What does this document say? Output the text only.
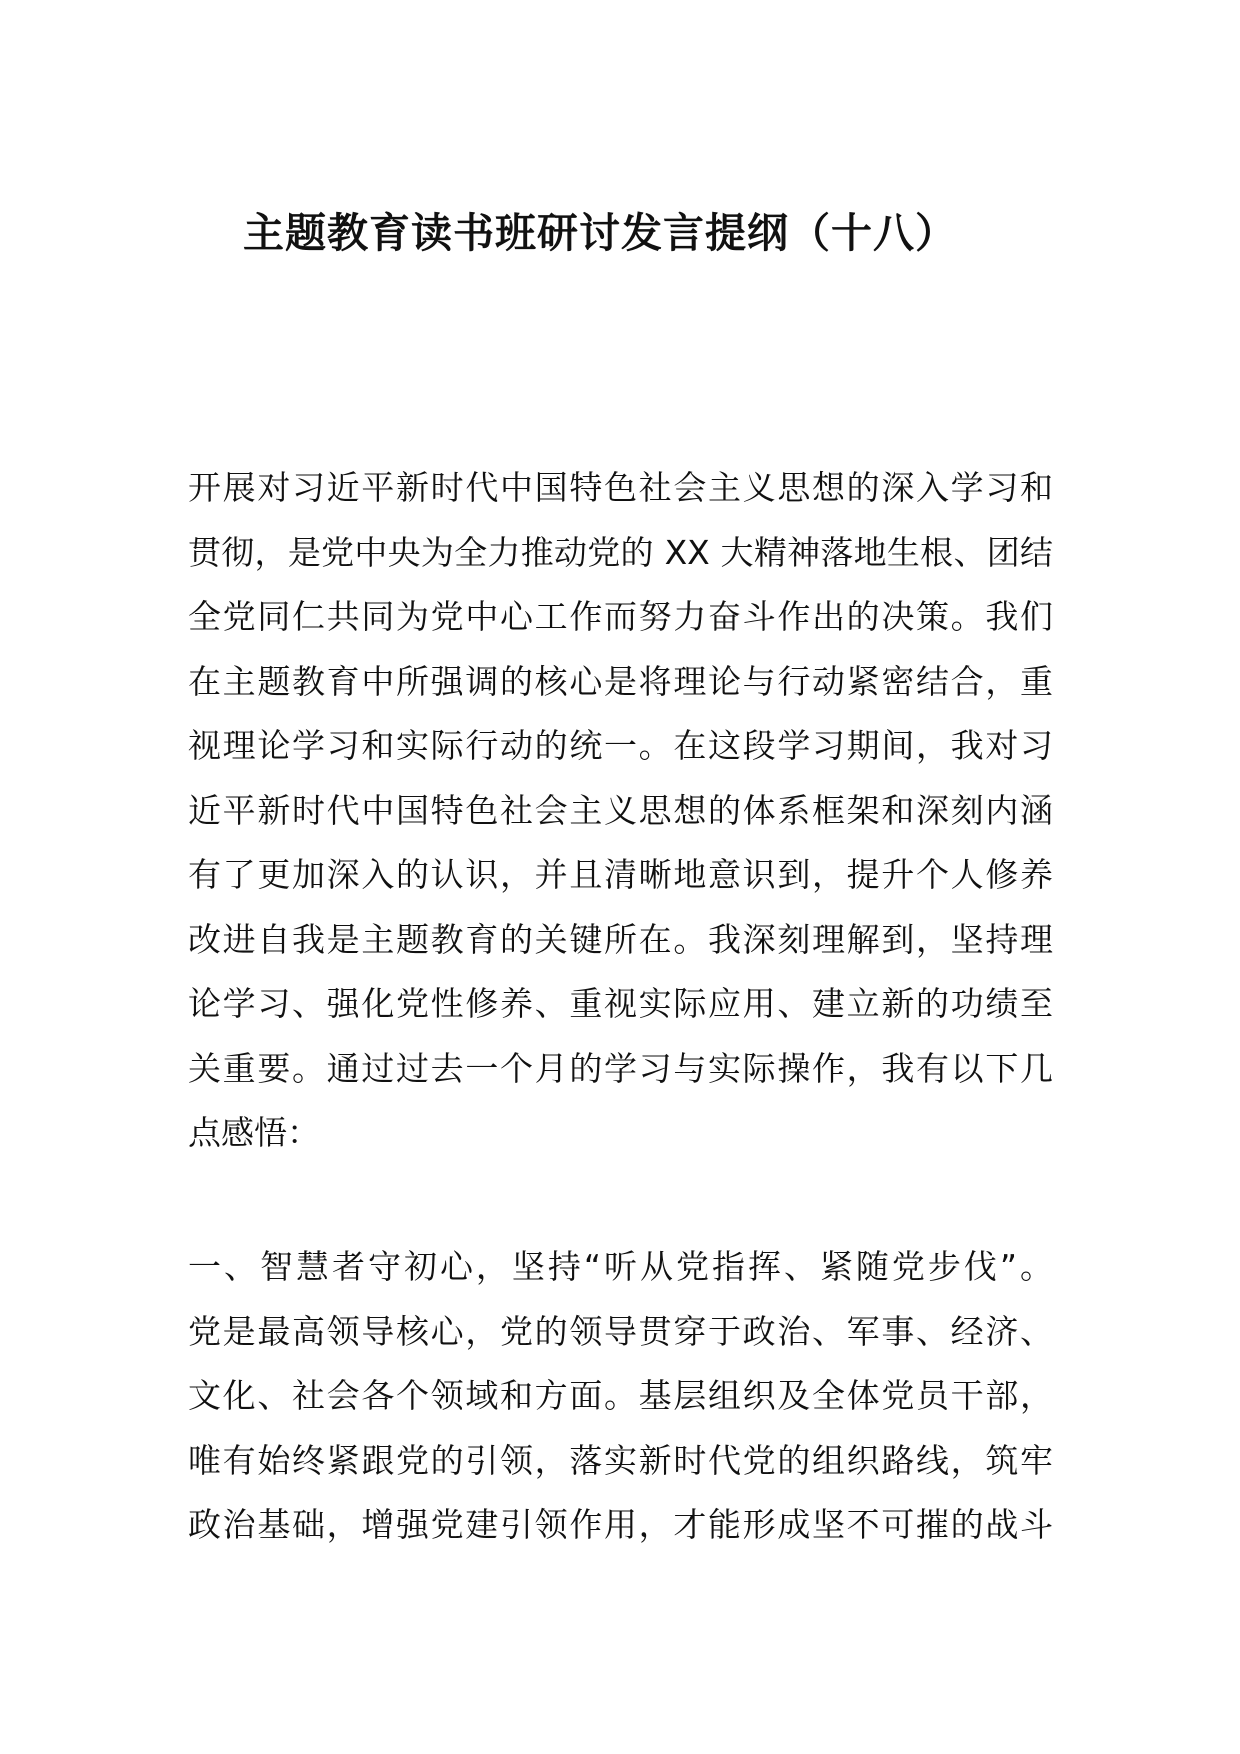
主题教育读书班研讨发言提纲（十八）
开展对习近平新时代中国特色社会主义思想的深入学习和
贯彻，是党中央为全力推动党的 XX 大精神落地生根、团结
全党同仁共同为党中心工作而努力奋斗作出的决策。我们
在主题教育中所强调的核心是将理论与行动紧密结合，重
视理论学习和实际行动的统一。在这段学习期间，我对习
近平新时代中国特色社会主义思想的体系框架和深刻内涵
有了更加深入的认识，并且清晰地意识到，提升个人修养
改进自我是主题教育的关键所在。我深刻理解到，坚持理
论学习、强化党性修养、重视实际应用、建立新的功绩至
关重要。通过过去一个月的学习与实际操作，我有以下几
点感悟：
一、智慧者守初心，坚持“听从党指挥、紧随党步伐”。
党是最高领导核心，党的领导贯穿于政治、军事、经济、
文化、社会各个领域和方面。基层组织及全体党员干部，
唯有始终紧跟党的引领，落实新时代党的组织路线，筑牢
政治基础，增强党建引领作用，才能形成坚不可摧的战斗
